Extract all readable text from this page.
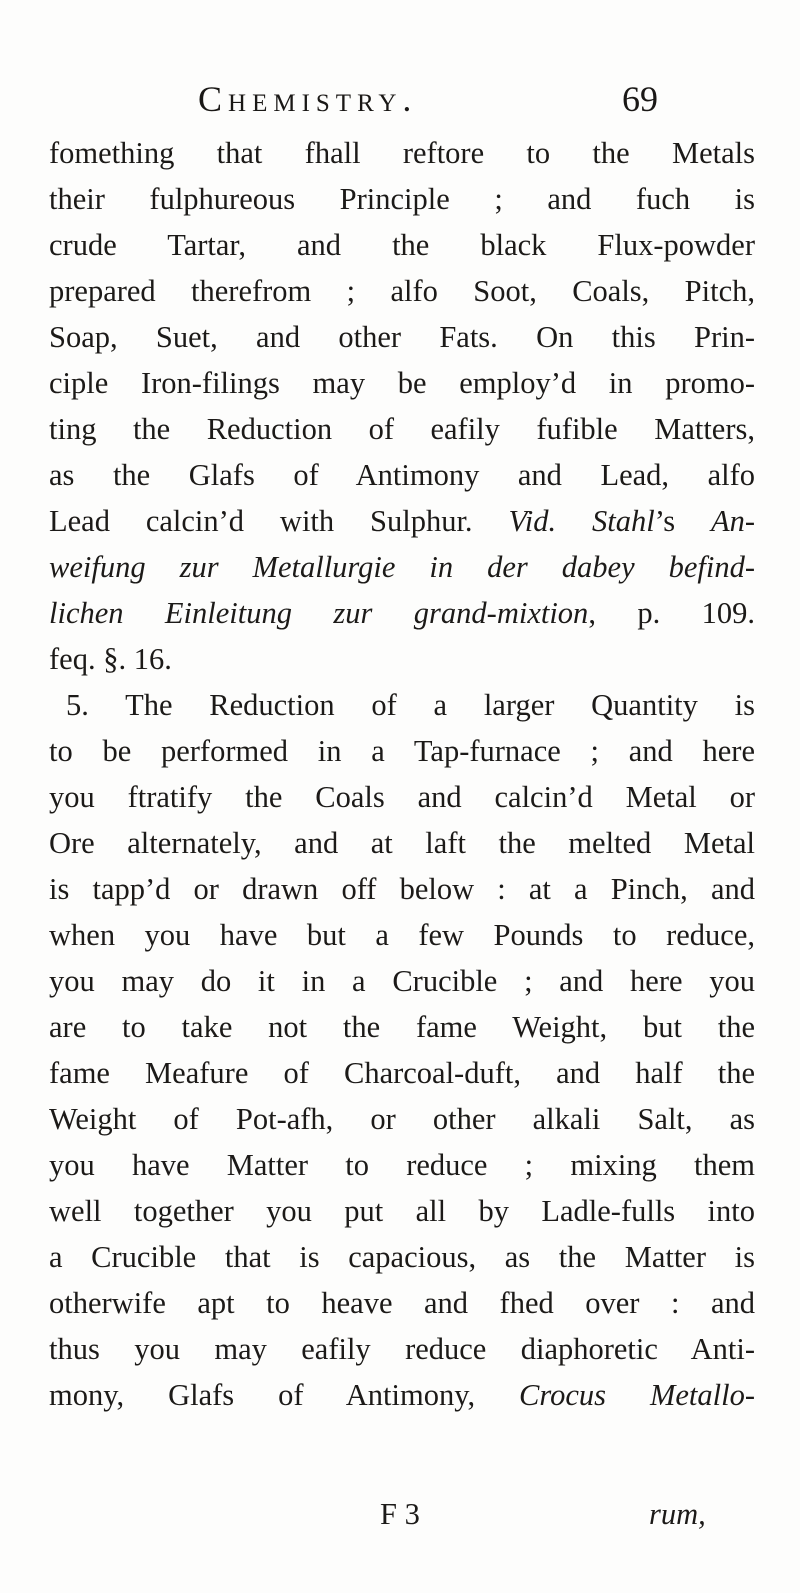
Chemistry.	69
fomething that fhall reftore to the Metals
their fulphureous Principle ; and fuch is
crude Tartar, and the black Flux-powder
prepared therefrom ; alfo Soot, Coals, Pitch,
Soap, Suet, and other Fats. On this Prin-
ciple Iron-filings may be employ’d in promo-
ting the Reduction of eafily fufible Matters,
as the Glafs of Antimony and Lead, alfo
Lead calcin’d with Sulphur. Vid. Stahl’s An-
weifung zur Metallurgie in der dabey befind-
lichen Einleitung zur grand-mixtion, p. 109.
feq. §. 16.
5. The Reduction of a larger Quantity is
to be performed in a Tap-furnace ; and here
you ftratify the Coals and calcin’d Metal or
Ore alternately, and at laft the melted Metal
is tapp’d or drawn off below : at a Pinch, and
when you have but a few Pounds to reduce,
you may do it in a Crucible ; and here you
are to take not the fame Weight, but the
fame Meafure of Charcoal-duft, and half the
Weight of Pot-afh, or other alkali Salt, as
you have Matter to reduce ; mixing them
well together you put all by Ladle-fulls into
a Crucible that is capacious, as the Matter is
otherwife apt to heave and fhed over : and
thus you may eafily reduce diaphoretic Anti-
mony, Glafs of Antimony, Crocus Metallo-
F 3	rum,
